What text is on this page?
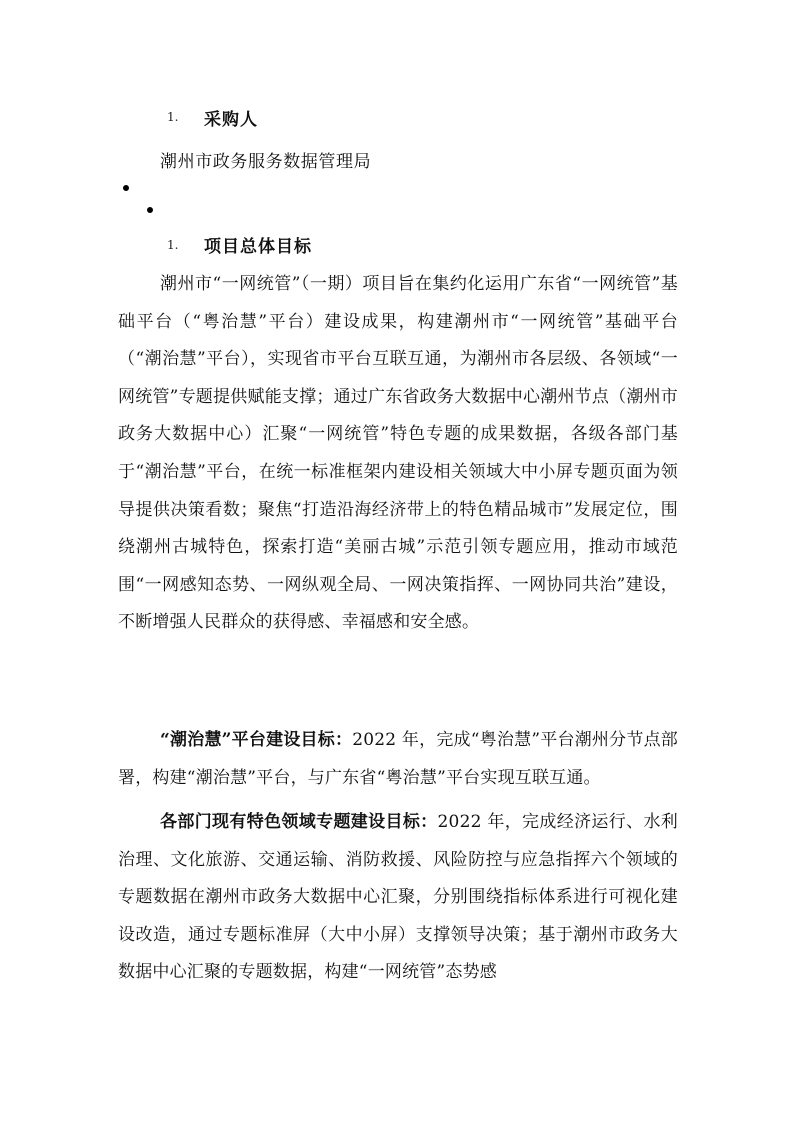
1. 采购人
潮州市政务服务数据管理局
1. 项目总体目标
潮州市“一网统管”（一期）项目旨在集约化运用广东省“一网统管”基础平台（“粤治慧”平台）建设成果，构建潮州市“一网统管”基础平台（“潮治慧”平台），实现省市平台互联互通，为潮州市各层级、各领域“一网统管”专题提供赋能支撑；通过广东省政务大数据中心潮州节点（潮州市政务大数据中心）汇聚“一网统管”特色专题的成果数据，各级各部门基于“潮治慧”平台，在统一标准框架内建设相关领域大中小屏专题页面为领导提供决策看数；聚焦“打造沿海经济带上的特色精品城市”发展定位，围绕潮州古城特色，探索打造“美丽古城”示范引领专题应用，推动市域范围“一网感知态势、一网纵观全局、一网决策指挥、一网协同共治”建设，不断增强人民群众的获得感、幸福感和安全感。
“潮治慧”平台建设目标：2022 年，完成“粤治慧”平台潮州分节点部署，构建“潮治慧”平台，与广东省“粤治慧”平台实现互联互通。
各部门现有特色领域专题建设目标：2022 年，完成经济运行、水利治理、文化旅游、交通运输、消防救援、风险防控与应急指挥六个领域的专题数据在潮州市政务大数据中心汇聚，分别围绕指标体系进行可视化建设改造，通过专题标准屏（大中小屏）支撑领导决策；基于潮州市政务大数据中心汇聚的专题数据，构建“一网统管”态势感
